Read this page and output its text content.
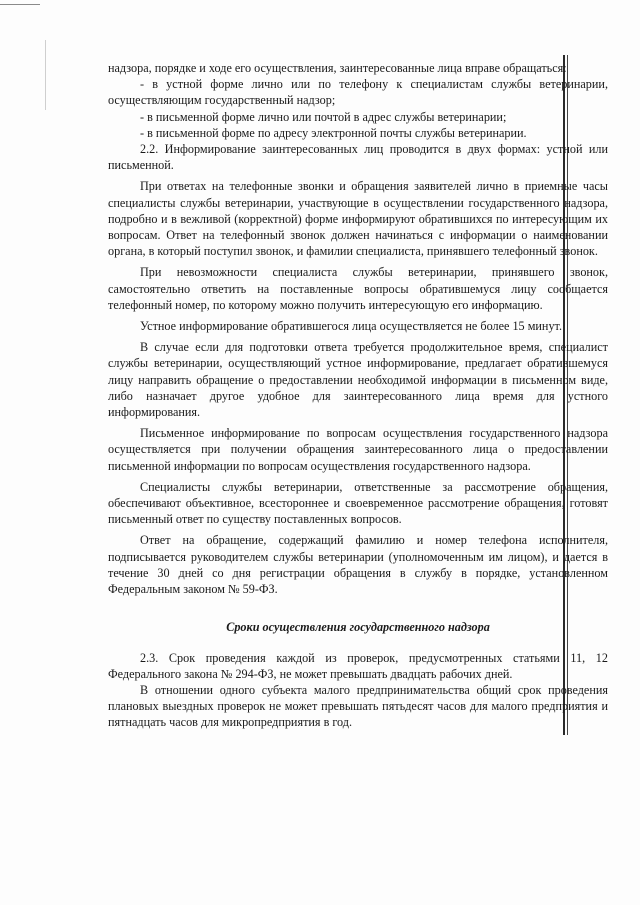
надзора, порядке и ходе его осуществления, заинтересованные лица вправе обращаться:

- в устной форме лично или по телефону к специалистам службы ветеринарии, осуществляющим государственный надзор;

- в письменной форме лично или почтой в адрес службы ветеринарии;

- в письменной форме по адресу электронной почты службы ветеринарии.

2.2. Информирование заинтересованных лиц проводится в двух формах: устной или письменной.

При ответах на телефонные звонки и обращения заявителей лично в приемные часы специалисты службы ветеринарии, участвующие в осуществлении государственного надзора, подробно и в вежливой (корректной) форме информируют обратившихся по интересующим их вопросам. Ответ на телефонный звонок должен начинаться с информации о наименовании органа, в который поступил звонок, и фамилии специалиста, принявшего телефонный звонок.

При невозможности специалиста службы ветеринарии, принявшего звонок, самостоятельно ответить на поставленные вопросы обратившемуся лицу сообщается телефонный номер, по которому можно получить интересующую его информацию.

Устное информирование обратившегося лица осуществляется не более 15 минут.

В случае если для подготовки ответа требуется продолжительное время, специалист службы ветеринарии, осуществляющий устное информирование, предлагает обратившемуся лицу направить обращение о предоставлении необходимой информации в письменном виде, либо назначает другое удобное для заинтересованного лица время для устного информирования.

Письменное информирование по вопросам осуществления государственного надзора осуществляется при получении обращения заинтересованного лица о предоставлении письменной информации по вопросам осуществления государственного надзора.

Специалисты службы ветеринарии, ответственные за рассмотрение обращения, обеспечивают объективное, всестороннее и своевременное рассмотрение обращения, готовят письменный ответ по существу поставленных вопросов.

Ответ на обращение, содержащий фамилию и номер телефона исполнителя, подписывается руководителем службы ветеринарии (уполномоченным им лицом), и дается в течение 30 дней со дня регистрации обращения в службу в порядке, установленном Федеральным законом № 59-ФЗ.

Сроки осуществления государственного надзора

2.3. Срок проведения каждой из проверок, предусмотренных статьями 11, 12 Федерального закона № 294-ФЗ, не может превышать двадцать рабочих дней.

В отношении одного субъекта малого предпринимательства общий срок проведения плановых выездных проверок не может превышать пятьдесят часов для малого предприятия и пятнадцать часов для микропредприятия в год.
